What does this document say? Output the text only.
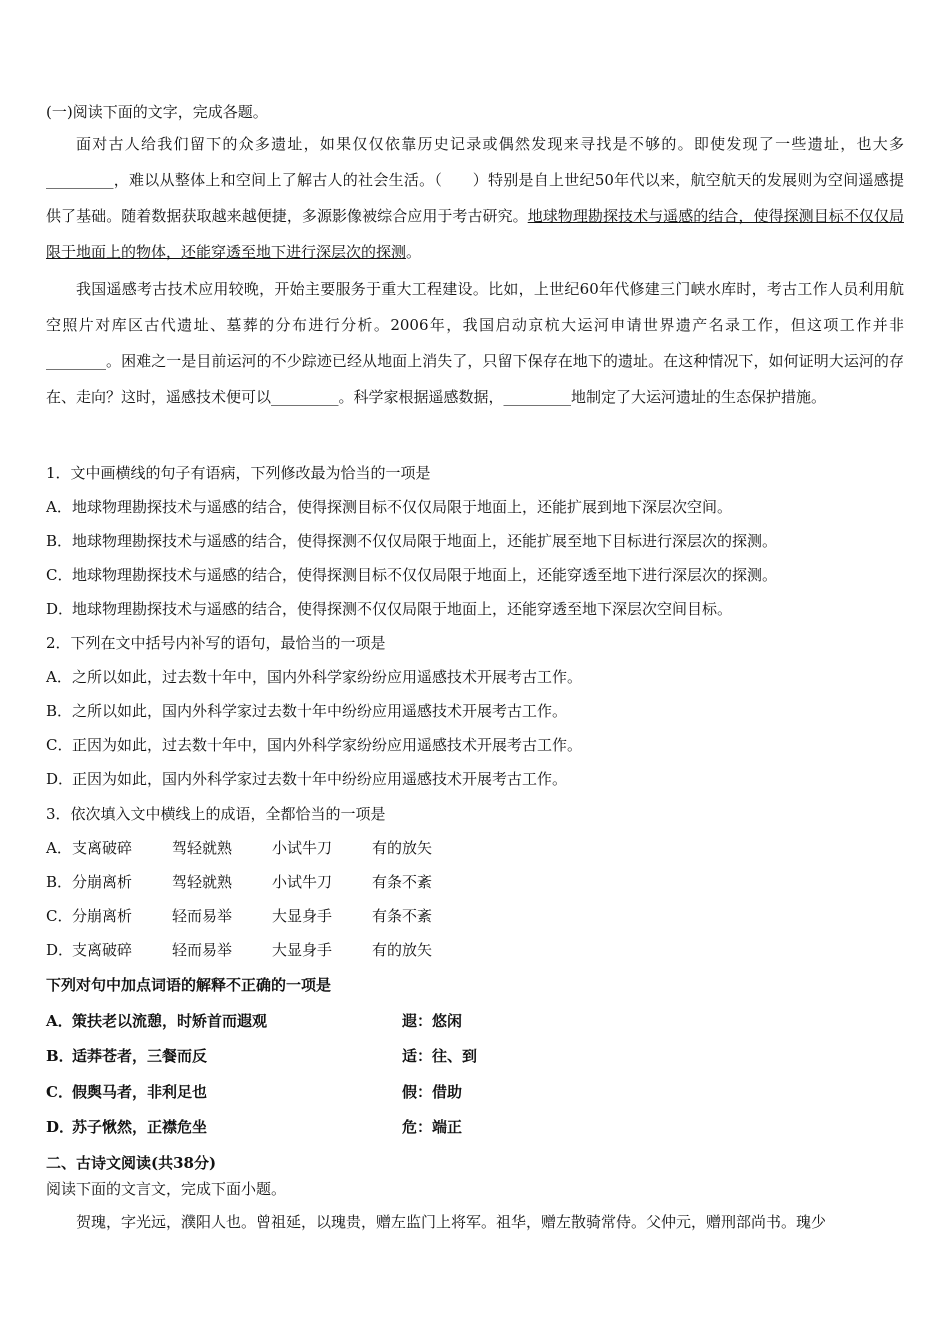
(一)阅读下面的文字，完成各题。
面对古人给我们留下的众多遗址，如果仅仅依靠历史记录或偶然发现来寻找是不够的。即使发现了一些遗址，也大多_________，难以从整体上和空间上了解古人的社会生活。（　　）特别是自上世纪50年代以来，航空航天的发展则为空间遥感提供了基础。随着数据获取越来越便捷，多源影像被综合应用于考古研究。地球物理勘探技术与遥感的结合，使得探测目标不仅仅局限于地面上的物体，还能穿透至地下进行深层次的探测。
我国遥感考古技术应用较晚，开始主要服务于重大工程建设。比如，上世纪60年代修建三门峡水库时，考古工作人员利用航空照片对库区古代遗址、墓葬的分布进行分析。2006年，我国启动京杭大运河申请世界遗产名录工作，但这项工作并非________。困难之一是目前运河的不少踪迹已经从地面上消失了，只留下保存在地下的遗址。在这种情况下，如何证明大运河的存在、走向？这时，遥感技术便可以_________。科学家根据遥感数据，_________地制定了大运河遗址的生态保护措施。
1．文中画横线的句子有语病，下列修改最为恰当的一项是
A．地球物理勘探技术与遥感的结合，使得探测目标不仅仅局限于地面上，还能扩展到地下深层次空间。
B．地球物理勘探技术与遥感的结合，使得探测不仅仅局限于地面上，还能扩展至地下目标进行深层次的探测。
C．地球物理勘探技术与遥感的结合，使得探测目标不仅仅局限于地面上，还能穿透至地下进行深层次的探测。
D．地球物理勘探技术与遥感的结合，使得探测不仅仅局限于地面上，还能穿透至地下深层次空间目标。
2．下列在文中括号内补写的语句，最恰当的一项是
A．之所以如此，过去数十年中，国内外科学家纷纷应用遥感技术开展考古工作。
B．之所以如此，国内外科学家过去数十年中纷纷应用遥感技术开展考古工作。
C．正因为如此，过去数十年中，国内外科学家纷纷应用遥感技术开展考古工作。
D．正因为如此，国内外科学家过去数十年中纷纷应用遥感技术开展考古工作。
3．依次填入文中横线上的成语，全都恰当的一项是
A．支离破碎	驾轻就熟	小试牛刀	有的放矢
B．分崩离析	驾轻就熟	小试牛刀	有条不紊
C．分崩离析	轻而易举	大显身手	有条不紊
D．支离破碎	轻而易举	大显身手	有的放矢
下列对句中加点词语的解释不正确的一项是
A．策扶老以流憩，时矫首而遐观	遐：悠闲
B．适莽苍者，三餐而反	适：往、到
C．假舆马者，非利足也	假：借助
D．苏子愀然，正襟危坐	危：端正
二、古诗文阅读(共38分)
阅读下面的文言文，完成下面小题。
贺瑰，字光远，濮阳人也。曾祖延，以瑰贵，赠左监门上将军。祖华，赠左散骑常侍。父仲元，赠刑部尚书。瑰少
